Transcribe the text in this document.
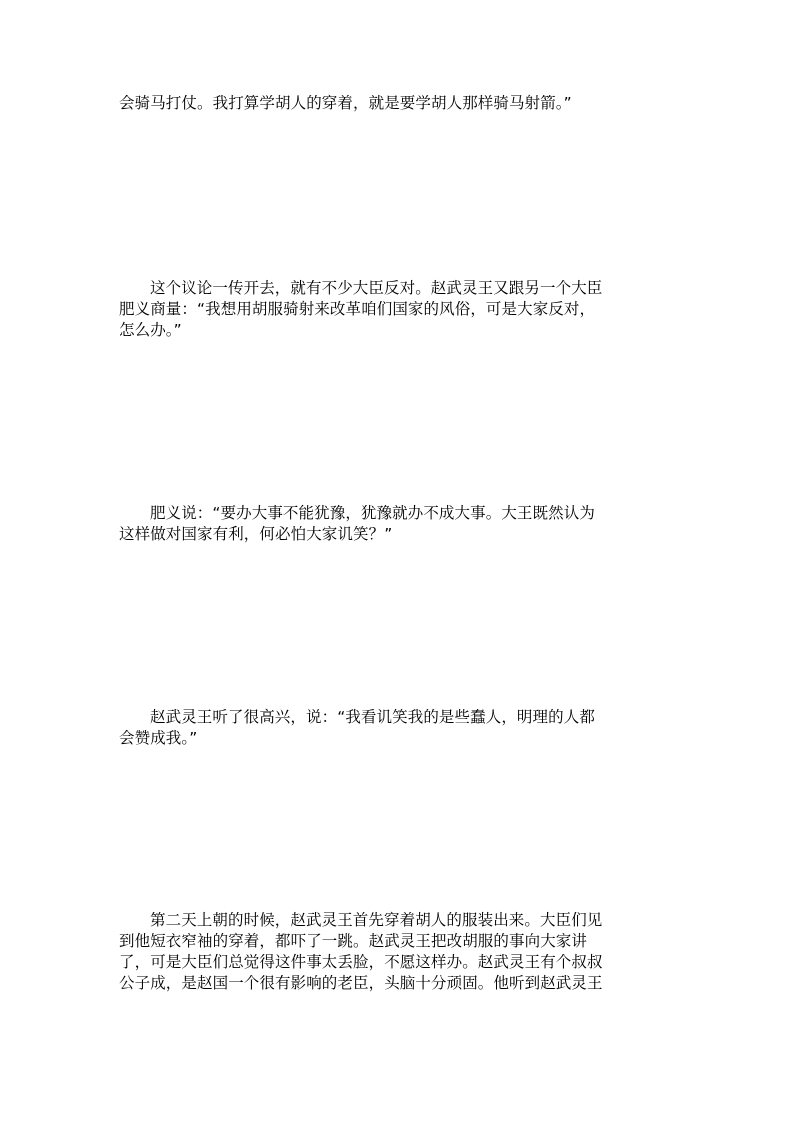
会骑马打仗。我打算学胡人的穿着，就是要学胡人那样骑马射箭。”

这个议论一传开去，就有不少大臣反对。赵武灵王又跟另一个大臣
肥义商量：“我想用胡服骑射来改革咱们国家的风俗，可是大家反对，
怎么办。”

肥义说：“要办大事不能犹豫，犹豫就办不成大事。大王既然认为
这样做对国家有利，何必怕大家讥笑？”

赵武灵王听了很高兴，说：“我看讥笑我的是些蠢人，明理的人都
会赞成我。”

第二天上朝的时候，赵武灵王首先穿着胡人的服装出来。大臣们见
到他短衣窄袖的穿着，都吓了一跳。赵武灵王把改胡服的事向大家讲
了，可是大臣们总觉得这件事太丢脸，不愿这样办。赵武灵王有个叔叔
公子成，是赵国一个很有影响的老臣，头脑十分顽固。他听到赵武灵王
